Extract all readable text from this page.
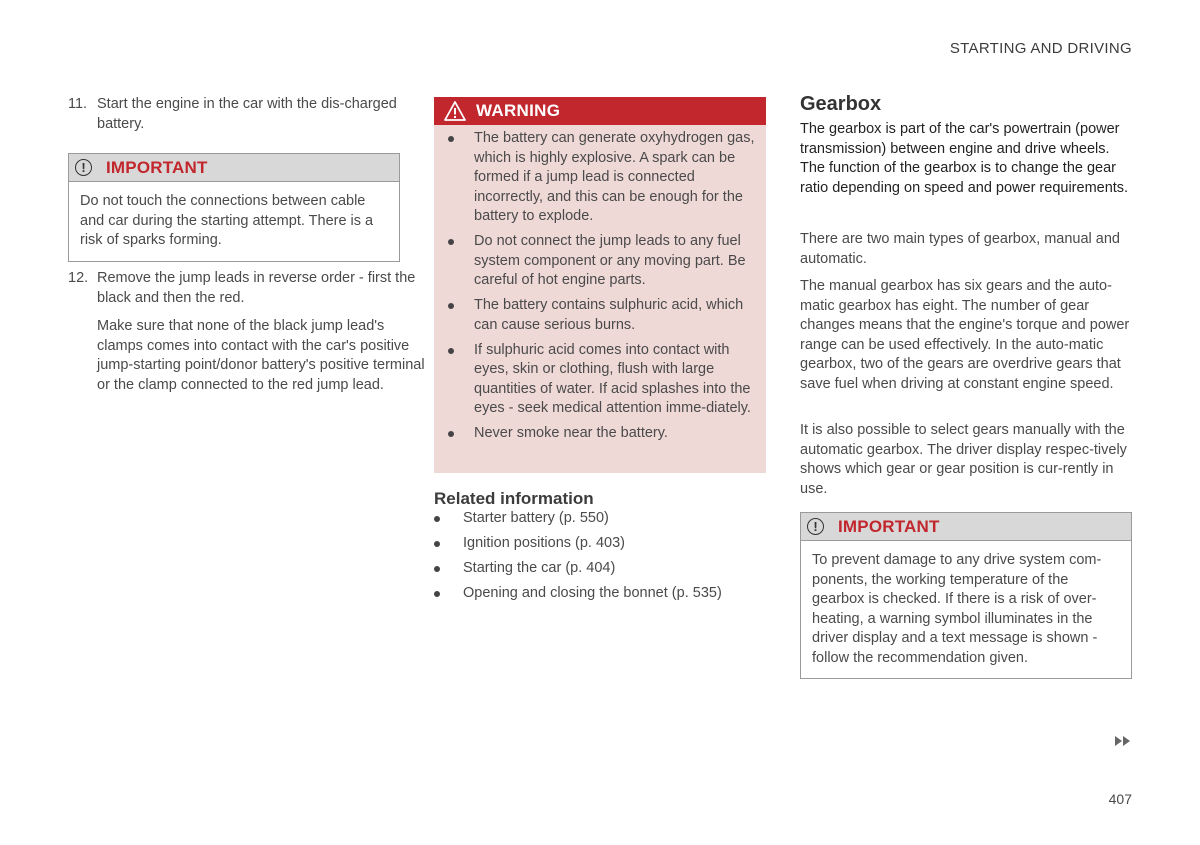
STARTING AND DRIVING
11. Start the engine in the car with the dis-charged battery.

!	IMPORTANT
Do not touch the connections between cable and car during the starting attempt. There is a risk of sparks forming.
12. Remove the jump leads in reverse order - first the black and then the red.

Make sure that none of the black jump lead's clamps comes into contact with the car's positive jump-starting point/donor battery's positive terminal or the clamp connected to the red jump lead.

WARNING
The battery can generate oxyhydrogen gas, which is highly explosive. A spark can be formed if a jump lead is connected incorrectly, and this can be enough for the battery to explode.
Do not connect the jump leads to any fuel system component or any moving part. Be careful of hot engine parts.
The battery contains sulphuric acid, which can cause serious burns.
If sulphuric acid comes into contact with eyes, skin or clothing, flush with large quantities of water. If acid splashes into the eyes - seek medical attention imme-diately.
Never smoke near the battery.
Related information
Starter battery (p. 550)
Ignition positions (p. 403)
Starting the car (p. 404)
Opening and closing the bonnet (p. 535)
Gearbox

The gearbox is part of the car's powertrain (power transmission) between engine and drive wheels. The function of the gearbox is to change the gear ratio depending on speed and power requirements.

There are two main types of gearbox, manual and automatic.

The manual gearbox has six gears and the auto-matic gearbox has eight. The number of gear changes means that the engine's torque and power range can be used effectively. In the auto-matic gearbox, two of the gears are overdrive gears that save fuel when driving at constant engine speed.

It is also possible to select gears manually with the automatic gearbox. The driver display respec-tively shows which gear or gear position is cur-rently in use.

!	IMPORTANT
To prevent damage to any drive system com-ponents, the working temperature of the gearbox is checked. If there is a risk of over-heating, a warning symbol illuminates in the driver display and a text message is shown - follow the recommendation given.
407
